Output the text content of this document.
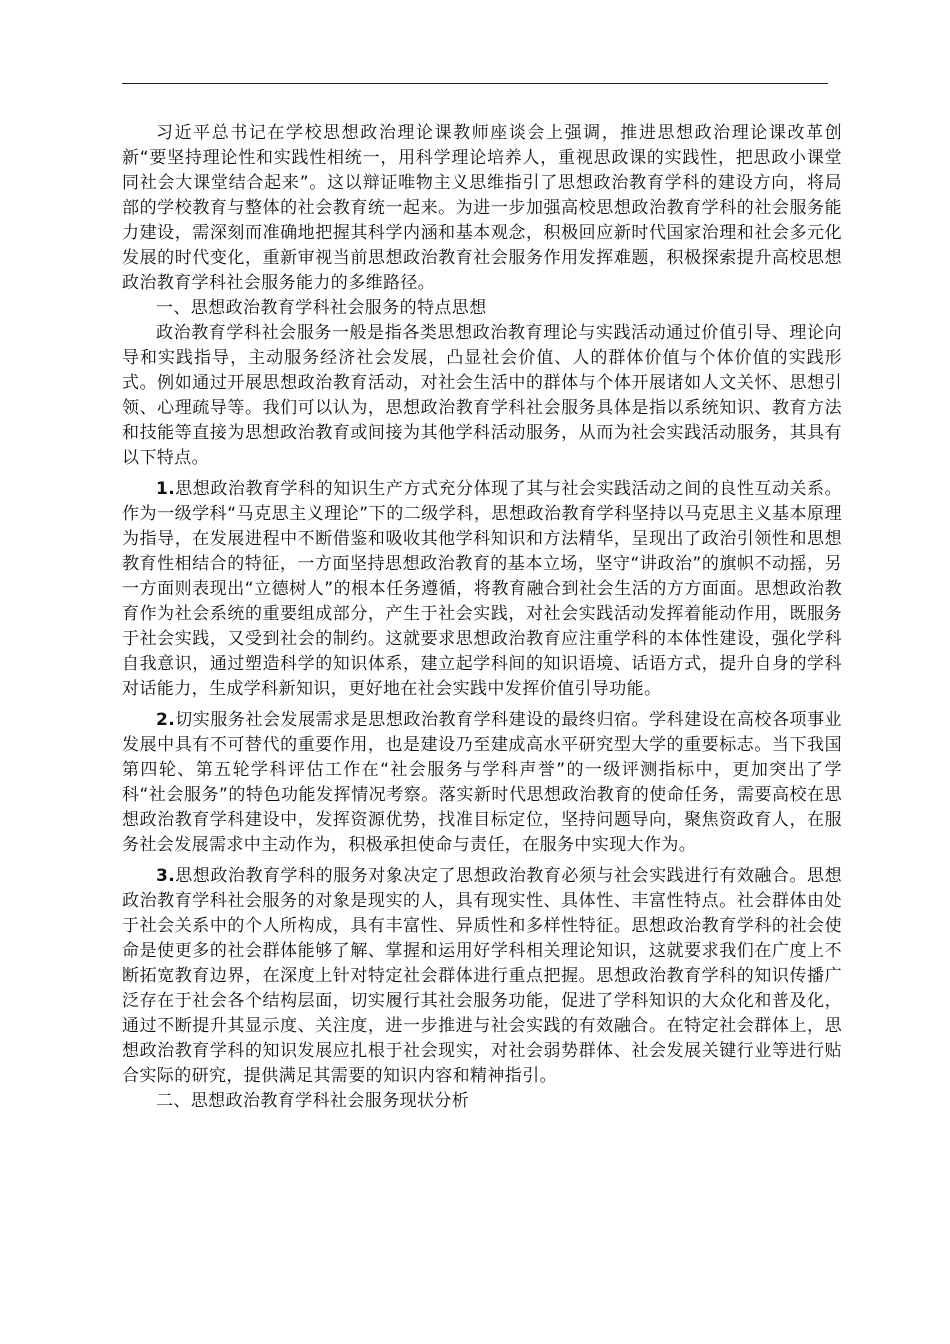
习近平总书记在学校思想政治理论课教师座谈会上强调，推进思想政治理论课改革创新“要坚持理论性和实践性相统一，用科学理论培养人，重视思政课的实践性，把思政小课堂同社会大课堂结合起来”。这以辩证唯物主义思维指引了思想政治教育学科的建设方向，将局部的学校教育与整体的社会教育统一起来。为进一步加强高校思想政治教育学科的社会服务能力建设，需深刻而准确地把握其科学内涵和基本观念，积极回应新时代国家治理和社会多元化发展的时代变化，重新审视当前思想政治教育社会服务作用发挥难题，积极探索提升高校思想政治教育学科社会服务能力的多维路径。

一、思想政治教育学科社会服务的特点思想

政治教育学科社会服务一般是指各类思想政治教育理论与实践活动通过价值引导、理论向导和实践指导，主动服务经济社会发展，凸显社会价值、人的群体价值与个体价值的实践形式。例如通过开展思想政治教育活动，对社会生活中的群体与个体开展诸如人文关怀、思想引领、心理疏导等。我们可以认为，思想政治教育学科社会服务具体是指以系统知识、教育方法和技能等直接为思想政治教育或间接为其他学科活动服务，从而为社会实践活动服务，其具有以下特点。

1.思想政治教育学科的知识生产方式充分体现了其与社会实践活动之间的良性互动关系。作为一级学科“马克思主义理论”下的二级学科，思想政治教育学科坚持以马克思主义基本原理为指导，在发展进程中不断借鉴和吸收其他学科知识和方法精华，呈现出了政治引领性和思想教育性相结合的特征，一方面坚持思想政治教育的基本立场，坚守“讲政治”的旗帜不动摇，另一方面则表现出“立德树人”的根本任务遵循，将教育融合到社会生活的方方面面。思想政治教育作为社会系统的重要组成部分，产生于社会实践，对社会实践活动发挥着能动作用，既服务于社会实践，又受到社会的制约。这就要求思想政治教育应注重学科的本体性建设，强化学科自我意识，通过塑造科学的知识体系，建立起学科间的知识语境、话语方式，提升自身的学科对话能力，生成学科新知识，更好地在社会实践中发挥价值引导功能。

2.切实服务社会发展需求是思想政治教育学科建设的最终归宿。学科建设在高校各项事业发展中具有不可替代的重要作用，也是建设乃至建成高水平研究型大学的重要标志。当下我国第四轮、第五轮学科评估工作在“社会服务与学科声誉”的一级评测指标中，更加突出了学科“社会服务”的特色功能发挥情况考察。落实新时代思想政治教育的使命任务，需要高校在思想政治教育学科建设中，发挥资源优势，找准目标定位，坚持问题导向，聚焦资政育人，在服务社会发展需求中主动作为，积极承担使命与责任，在服务中实现大作为。

3.思想政治教育学科的服务对象决定了思想政治教育必须与社会实践进行有效融合。思想政治教育学科社会服务的对象是现实的人，具有现实性、具体性、丰富性特点。社会群体由处于社会关系中的个人所构成，具有丰富性、异质性和多样性特征。思想政治教育学科的社会使命是使更多的社会群体能够了解、掌握和运用好学科相关理论知识，这就要求我们在广度上不断拓宽教育边界，在深度上针对特定社会群体进行重点把握。思想政治教育学科的知识传播广泛存在于社会各个结构层面，切实履行其社会服务功能，促进了学科知识的大众化和普及化，通过不断提升其显示度、关注度，进一步推进与社会实践的有效融合。在特定社会群体上，思想政治教育学科的知识发展应扎根于社会现实，对社会弱势群体、社会发展关键行业等进行贴合实际的研究，提供满足其需要的知识内容和精神指引。

二、思想政治教育学科社会服务现状分析
